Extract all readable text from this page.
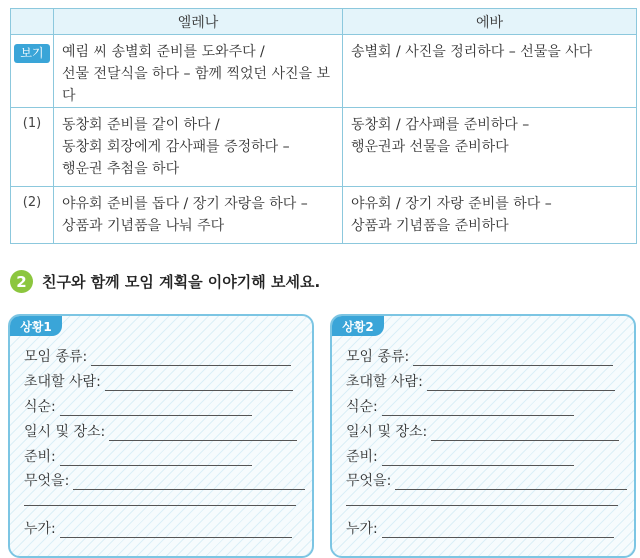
	엘레나	에바
보기	예림 씨 송별회 준비를 도와주다 /
선물 전달식을 하다 – 함께 찍었던 사진을 보다	송별회 / 사진을 정리하다 – 선물을 사다

(1)	동창회 준비를 같이 하다 /
동창회 회장에게 감사패를 증정하다 –
행운권 추첨을 하다	동창회 / 감사패를 준비하다 –
행운권과 선물을 준비하다

(2)	야유회 준비를 돕다 / 장기 자랑을 하다 –
상품과 기념품을 나눠 주다	야유회 / 장기 자랑 준비를 하다 –
상품과 기념품을 준비하다
2	친구와 함께 모임 계획을 이야기해 보세요.
상황1
모임 종류:
초대할 사람:
식순:
일시 및 장소:
준비:
무엇을:
누가:
상황2
모임 종류:
초대할 사람:
식순:
일시 및 장소:
준비:
무엇을:
누가:
